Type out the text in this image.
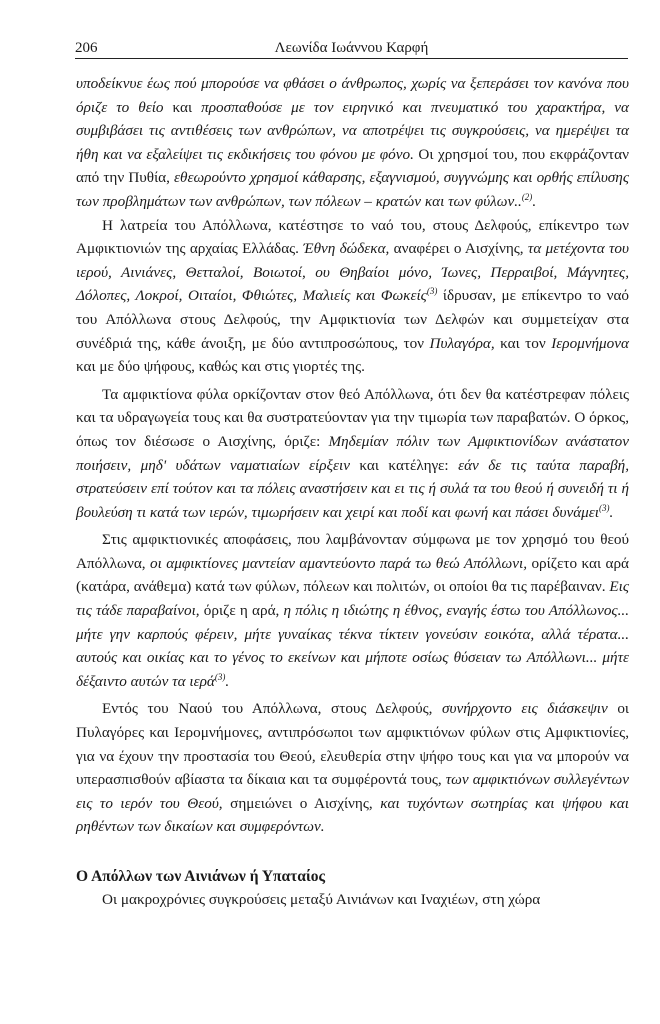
206	Λεωνίδα Ιωάννου Καρφή

υποδείκνυε έως πού μπορούσε να φθάσει ο άνθρωπος, χωρίς να ξεπεράσει τον κανόνα που όριζε το θείο και προσπαθούσε με τον ειρηνικό και πνευματικό του χαρακτήρα, να συμβιβάσει τις αντιθέσεις των ανθρώπων, να αποτρέψει τις συγκρούσεις, να ημερέψει τα ήθη και να εξαλείψει τις εκδικήσεις του φόνου με φόνο. Οι χρησμοί του, που εκφράζονταν από την Πυθία, εθεωρούντο χρησμοί κάθαρσης, εξαγνισμού, συγγνώμης και ορθής επίλυσης των προβλημάτων των ανθρώπων, των πόλεων – κρατών και των φύλων..$^{(2)}$.

Η λατρεία του Απόλλωνα, κατέστησε το ναό του, στους Δελφούς, επίκεντρο των Αμφικτιονιών της αρχαίας Ελλάδας. Έθνη δώδεκα, αναφέρει ο Αισχίνης, τα μετέχοντα του ιερού, Αινιάνες, Θετταλοί, Βοιωτοί, ου Θηβαίοι μόνο, Ίωνες, Περραιβοί, Μάγνητες, Δόλοπες, Λοκροί, Οιταίοι, Φθιώτες, Μαλιείς και Φωκείς$^{(3)}$ ίδρυσαν, με επίκεντρο το ναό του Απόλλωνα στους Δελφούς, την Αμφικτιονία των Δελφών και συμμετείχαν στα συνέδριά της, κάθε άνοιξη, με δύο αντιπροσώπους, τον Πυλαγόρα, και τον Ιερομνήμονα και με δύο ψήφους, καθώς και στις γιορτές της.

Τα αμφικτίονα φύλα ορκίζονταν στον θεό Απόλλωνα, ότι δεν θα κατέστρεφαν πόλεις και τα υδραγωγεία τους και θα συστρατεύονταν για την τιμωρία των παραβατών. Ο όρκος, όπως τον διέσωσε ο Αισχίνης, όριζε: Μηδεμίαν πόλιν των Αμφικτιονίδων ανάστατον ποιήσειν, μηδ' υδάτων ναματιαίων είρξειν και κατέληγε: εάν δε τις ταύτα παραβή, στρατεύσειν επί τούτον και τα πόλεις αναστήσειν και ει τις ή συλά τα του θεού ή συνειδή τι ή βουλεύση τι κατά των ιερών, τιμωρήσειν και χειρί και ποδί και φωνή και πάσει δυνάμει$^{(3)}$.

Στις αμφικτιονικές αποφάσεις, που λαμβάνονταν σύμφωνα με τον χρησμό του θεού Απόλλωνα, οι αμφικτίονες μαντείαν αμαντεύοντο παρά τω θεώ Απόλλωνι, ορίζετο και αρά (κατάρα, ανάθεμα) κατά των φύλων, πόλεων και πολιτών, οι οποίοι θα τις παρέβαιναν. Εις τις τάδε παραβαίνοι, όριζε η αρά, η πόλις η ιδιώτης η έθνος, εναγής έστω του Απόλλωνος... μήτε γην καρπούς φέρειν, μήτε γυναίκας τέκνα τίκτειν γονεύσιν εοικότα, αλλά τέρατα... αυτούς και οικίας και το γένος το εκείνων και μήποτε οσίως θύσειαν τω Απόλλωνι... μήτε δέξαιντο αυτών τα ιερά$^{(3)}$.

Εντός του Ναού του Απόλλωνα, στους Δελφούς, συνήρχοντο εις διάσκεψιν οι Πυλαγόρες και Ιερομνήμονες, αντιπρόσωποι των αμφικτιόνων φύλων στις Αμφικτιονίες, για να έχουν την προστασία του Θεού, ελευθερία στην ψήφο τους και για να μπορούν να υπερασπισθούν αβίαστα τα δίκαια και τα συμφέροντά τους, των αμφικτιόνων συλλεγέντων εις το ιερόν του Θεού, σημειώνει ο Αισχίνης, και τυχόντων σωτηρίας και ψήφου και ρηθέντων των δικαίων και συμφερόντων.

Ο Απόλλων των Αινιάνων ή Υπαταίος

Οι μακροχρόνιες συγκρούσεις μεταξύ Αινιάνων και Ιναχιέων, στη χώρα
